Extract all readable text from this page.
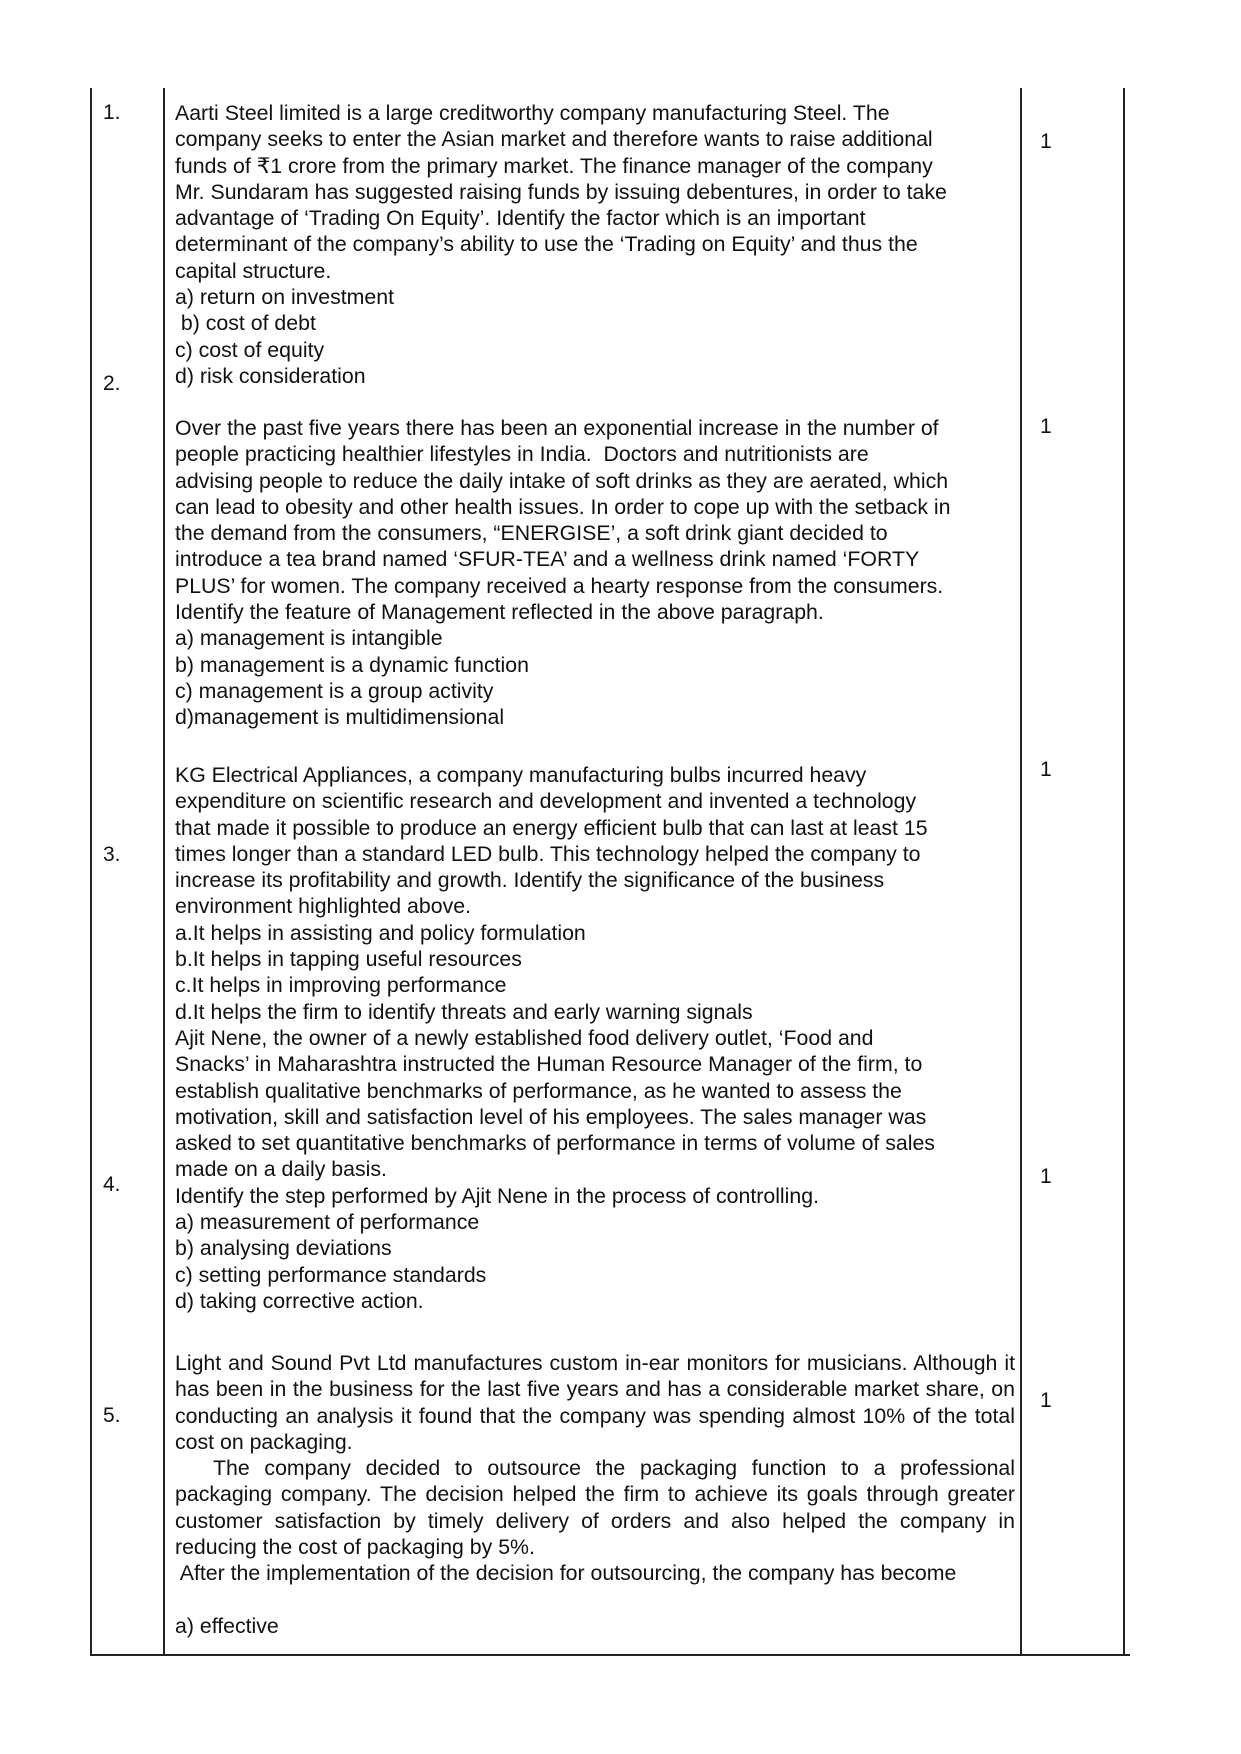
1.
1
Aarti Steel limited is a large creditworthy company manufacturing Steel. The
company seeks to enter the Asian market and therefore wants to raise additional
funds of ₹1 crore from the primary market. The finance manager of the company
Mr. Sundaram has suggested raising funds by issuing debentures, in order to take
advantage of ‘Trading On Equity’. Identify the factor which is an important
determinant of the company’s ability to use the ‘Trading on Equity’ and thus the
capital structure.
a) return on investment
b) cost of debt
c) cost of equity
d) risk consideration
2.
1
Over the past five years there has been an exponential increase in the number of
people practicing healthier lifestyles in India.  Doctors and nutritionists are
advising people to reduce the daily intake of soft drinks as they are aerated, which
can lead to obesity and other health issues. In order to cope up with the setback in
the demand from the consumers, “ENERGISE’, a soft drink giant decided to
introduce a tea brand named ‘SFUR-TEA’ and a wellness drink named ‘FORTY
PLUS’ for women. The company received a hearty response from the consumers.
Identify the feature of Management reflected in the above paragraph.
a) management is intangible
b) management is a dynamic function
c) management is a group activity
d)management is multidimensional
3.
1
KG Electrical Appliances, a company manufacturing bulbs incurred heavy
expenditure on scientific research and development and invented a technology
that made it possible to produce an energy efficient bulb that can last at least 15
times longer than a standard LED bulb. This technology helped the company to
increase its profitability and growth. Identify the significance of the business
environment highlighted above.
a.It helps in assisting and policy formulation
b.It helps in tapping useful resources
c.It helps in improving performance
d.It helps the firm to identify threats and early warning signals
4.	1
Ajit Nene, the owner of a newly established food delivery outlet, ‘Food and
Snacks’ in Maharashtra instructed the Human Resource Manager of the firm, to
establish qualitative benchmarks of performance, as he wanted to assess the
motivation, skill and satisfaction level of his employees. The sales manager was
asked to set quantitative benchmarks of performance in terms of volume of sales
made on a daily basis.
Identify the step performed by Ajit Nene in the process of controlling.
a) measurement of performance
b) analysing deviations
c) setting performance standards
d) taking corrective action.
5.
1
Light and Sound Pvt Ltd manufactures custom in-ear monitors for musicians. Although it has been in the business for the last five years and has a considerable market share, on conducting an analysis it found that the company was spending almost 10% of the total cost on packaging.
The company decided to outsource the packaging function to a professional packaging company. The decision helped the firm to achieve its goals through greater customer satisfaction by timely delivery of orders and also helped the company in reducing the cost of packaging by 5%.
After the implementation of the decision for outsourcing, the company has become
a) effective
